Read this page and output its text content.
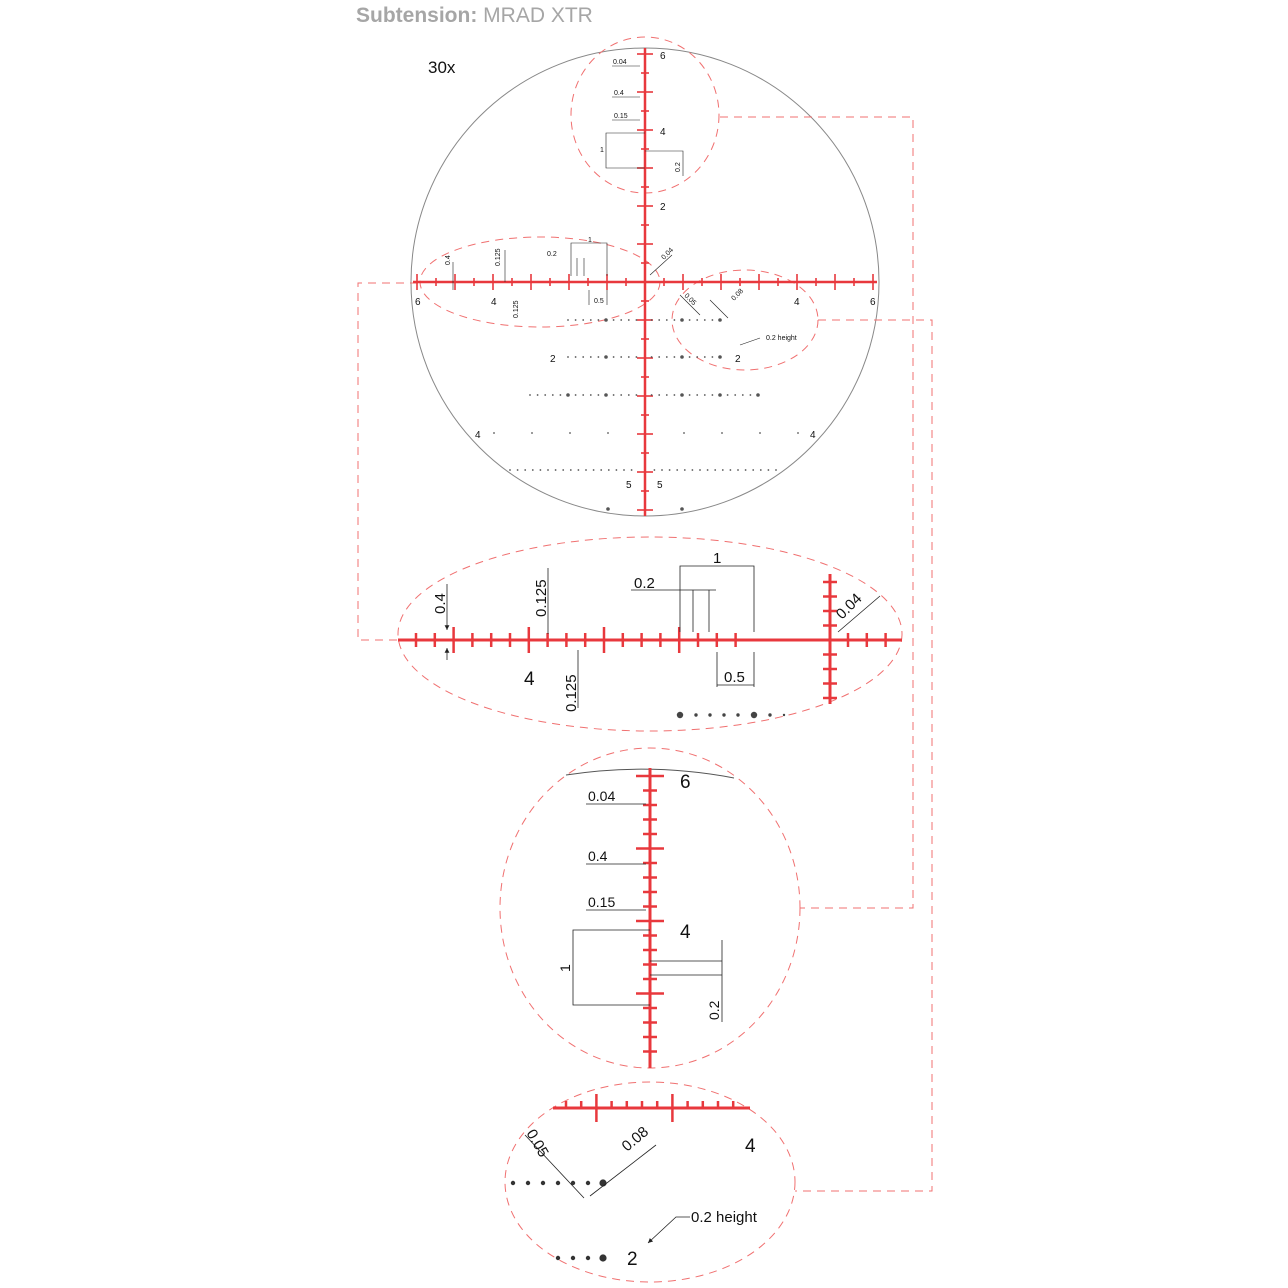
Subtension: MRAD XTR
30x
6	4	4	6
6
4
2
2	2
4	4
5	5
0.04
0.4
0.15
1
0.2
0.4	0.125
0.125
0.2
1
0.5
0.04
0.05	0.08
0.2 height
4
0.4	0.125
0.125
0.2
1
0.5
0.04
6
4
0.04
0.4
0.15
1
0.2
4
2
0.05	0.08
0.2 height
